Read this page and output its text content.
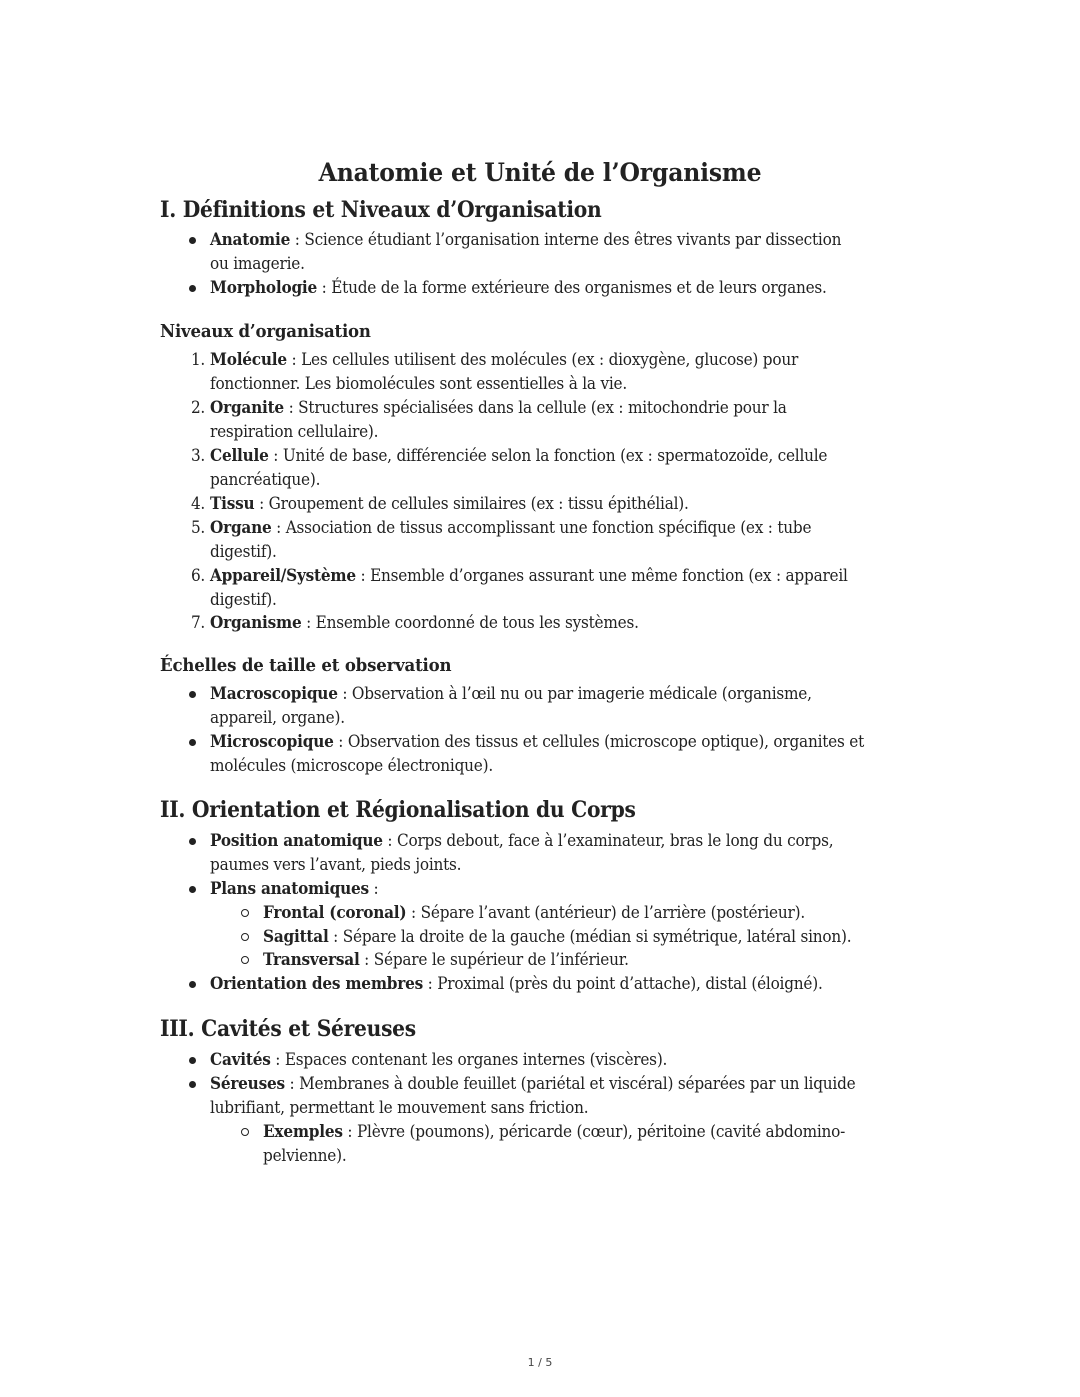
Anatomie et Unité de l’Organisme
I. Définitions et Niveaux d’Organisation

Anatomie : Science étudiant l’organisation interne des êtres vivants par dissection

ou imagerie.

Morphologie : Étude de la forme extérieure des organismes et de leurs organes.

Niveaux d’organisation
1. Molécule : Les cellules utilisent des molécules (ex : dioxygène, glucose) pour

fonctionner. Les biomolécules sont essentielles à la vie.

2. Organite : Structures spécialisées dans la cellule (ex : mitochondrie pour la

respiration cellulaire).

3. Cellule : Unité de base, différenciée selon la fonction (ex : spermatozoïde, cellule

pancréatique).

4. Tissu : Groupement de cellules similaires (ex : tissu épithélial).

5. Organe : Association de tissus accomplissant une fonction spécifique (ex : tube

digestif).

6. Appareil/Système : Ensemble d’organes assurant une même fonction (ex : appareil

digestif).

7. Organisme : Ensemble coordonné de tous les systèmes.

Échelles de taille et observation

Macroscopique : Observation à l’œil nu ou par imagerie médicale (organisme,

appareil, organe).

Microscopique : Observation des tissus et cellules (microscope optique), organites et

molécules (microscope électronique).

II. Orientation et Régionalisation du Corps

Position anatomique : Corps debout, face à l’examinateur, bras le long du corps,

paumes vers l’avant, pieds joints.

Plans anatomiques :

Frontal (coronal) : Sépare l’avant (antérieur) de l’arrière (postérieur).

Sagittal : Sépare la droite de la gauche (médian si symétrique, latéral sinon).

Transversal : Sépare le supérieur de l’inférieur.

Orientation des membres : Proximal (près du point d’attache), distal (éloigné).

III. Cavités et Séreuses

Cavités : Espaces contenant les organes internes (viscères).

Séreuses : Membranes à double feuillet (pariétal et viscéral) séparées par un liquide

lubrifiant, permettant le mouvement sans friction.

Exemples : Plèvre (poumons), péricarde (cœur), péritoine (cavité abdomino-

pelvienne).

1 / 5
